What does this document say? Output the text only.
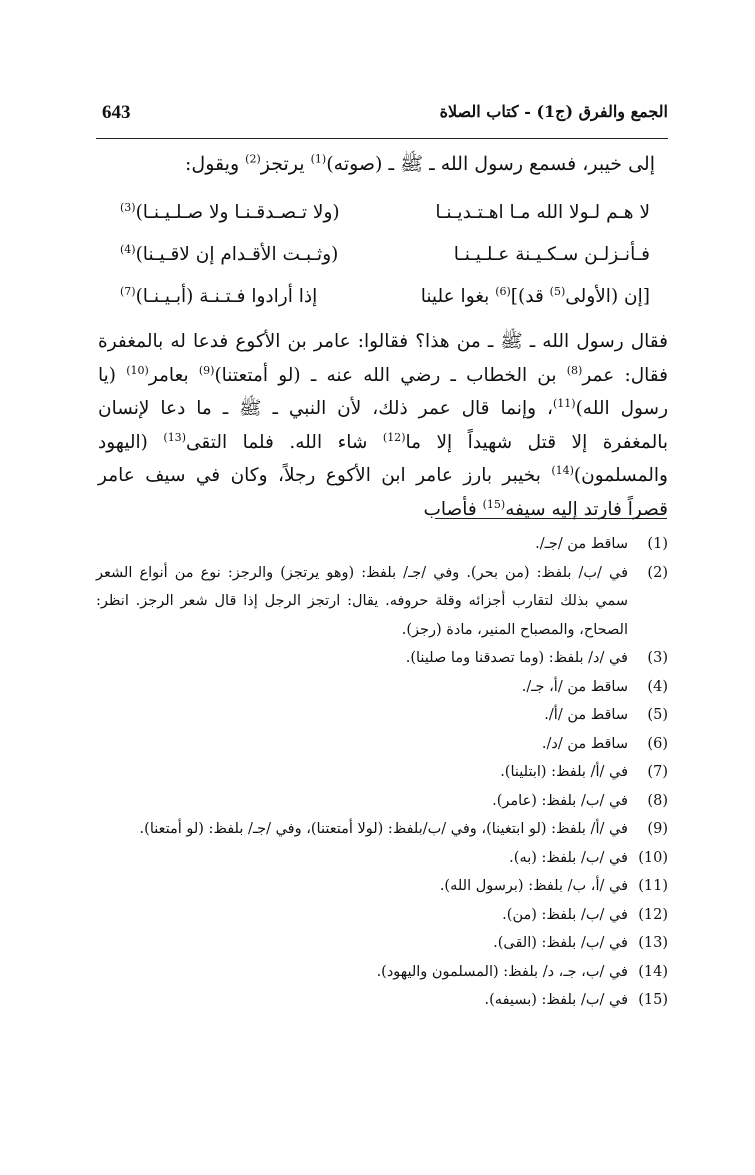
643	الجمع والفرق (ج1) - كتاب الصلاة
إلى خيبر، فسمع رسول الله ـ ﷺ ـ (صوته)$^{(1)}$ يرتجز$^{(2)}$ ويقول:
لا هـم لـولا الله مـا اهـتـديـنـا
(ولا تـصـدقـنـا ولا صـلـيـنـا)$^{(3)}$
فـأنـزلـن سـكـيـنة عـلـيـنـا
(وثـبـت الأقـدام إن لاقـيـنا)$^{(4)}$
[إن (الأولى$^{(5)}$ قد)]$^{(6)}$ بغوا علينا
إذا أرادوا فـتـنـة (أبـيـنـا)$^{(7)}$
فقال رسول الله ـ ﷺ ـ من هذا؟ فقالوا: عامر بن الأكوع فدعا له بالمغفرة فقال: عمر$^{(8)}$ بن الخطاب ـ رضي الله عنه ـ (لو أمتعتنا)$^{(9)}$ بعامر$^{(10)}$ (يا رسول الله)$^{(11)}$، وإنما قال عمر ذلك، لأن النبي ـ ﷺ ـ ما دعا لإنسان بالمغفرة إلا قتل شهيداً إلا ما$^{(12)}$ شاء الله. فلما التقى$^{(13)}$ (اليهود والمسلمون)$^{(14)}$ بخيبر بارز عامر ابن الأكوع رجلاً، وكان في سيف عامر قصراً فارتد إليه سيفه$^{(15)}$ فأصاب
(1)
ساقط من /جـ/.
(2)
في /ب/ بلفظ: (من بحر). وفي /جـ/ بلفظ: (وهو يرتجز) والرجز: نوع من أنواع الشعر سمي بذلك لتقارب أجزائه وقلة حروفه. يقال: ارتجز الرجل إذا قال شعر الرجز. انظر: الصحاح، والمصباح المنير، مادة (رجز).
(3)
في /د/ بلفظ: (وما تصدقنا وما صلينا).
(4)
ساقط من /أ، جـ/.
(5)
ساقط من /أ/.
(6)
ساقط من /د/.
(7)
في /أ/ بلفظ: (ابتلينا).
(8)
في /ب/ بلفظ: (عامر).
(9)
في /أ/ بلفظ: (لو ابتغينا)، وفي /ب/بلفظ: (لولا أمتعتنا)، وفي /جـ/ بلفظ: (لو أمتعنا).
(10)
في /ب/ بلفظ: (به).
(11)
في /أ، ب/ بلفظ: (برسول الله).
(12)
في /ب/ بلفظ: (من).
(13)
في /ب/ بلفظ: (القى).
(14)
في /ب، جـ، د/ بلفظ: (المسلمون واليهود).
(15)
في /ب/ بلفظ: (بسيفه).
